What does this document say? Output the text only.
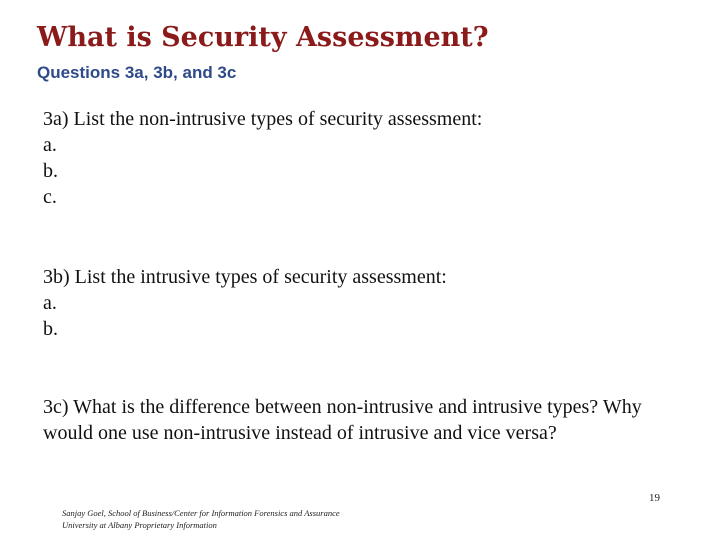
What is Security Assessment?
Questions 3a, 3b, and 3c
3a) List the non-intrusive types of security assessment:
a.
b.
c.
3b) List the intrusive types of security assessment:
a.
b.
3c) What is the difference between non-intrusive and intrusive types? Why would one use non-intrusive instead of intrusive and vice versa?
Sanjay Goel, School of Business/Center for Information Forensics and Assurance
University at Albany Proprietary Information
19
